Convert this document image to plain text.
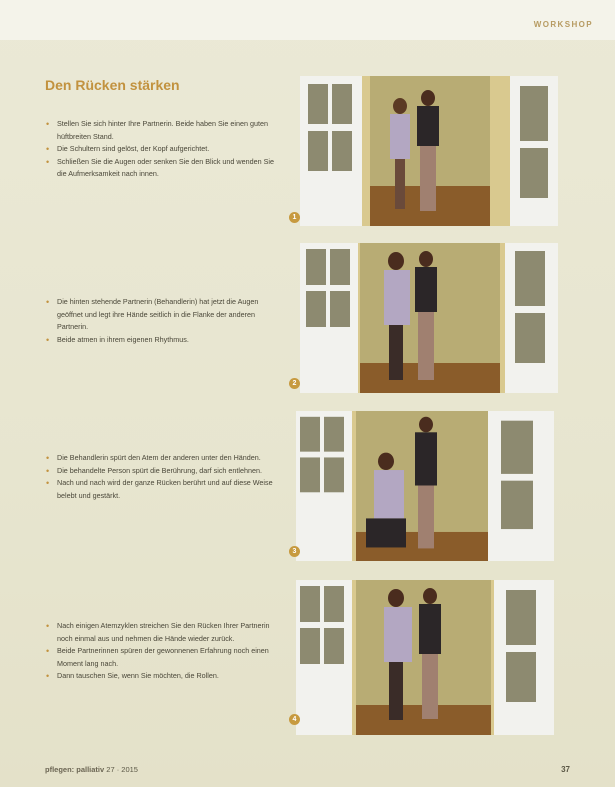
WORKSHOP
Den Rücken stärken
• Stellen Sie sich hinter Ihre Partnerin. Beide haben Sie einen guten hüftbreiten Stand.
• Die Schultern sind gelöst, der Kopf aufgerichtet.
• Schließen Sie die Augen oder senken Sie den Blick und wenden Sie die Aufmerksamkeit nach innen.
1
• Die hinten stehende Partnerin (Behandlerin) hat jetzt die Augen geöffnet und legt ihre Hände seitlich in die Flanke der anderen Partnerin.
• Beide atmen in ihrem eigenen Rhythmus.
2
• Die Behandlerin spürt den Atem der anderen unter den Händen.
• Die behandelte Person spürt die Berührung, darf sich entlehnen.
• Nach und nach wird der ganze Rücken berührt und auf diese Weise belebt und gestärkt.
3
• Nach einigen Atemzyklen streichen Sie den Rücken Ihrer Partnerin noch einmal aus und nehmen die Hände wieder zurück.
• Beide Partnerinnen spüren der gewonnenen Erfahrung noch einen Moment lang nach.
• Dann tauschen Sie, wenn Sie möchten, die Rollen.
4
pflegen: palliativ 27 · 2015	37
